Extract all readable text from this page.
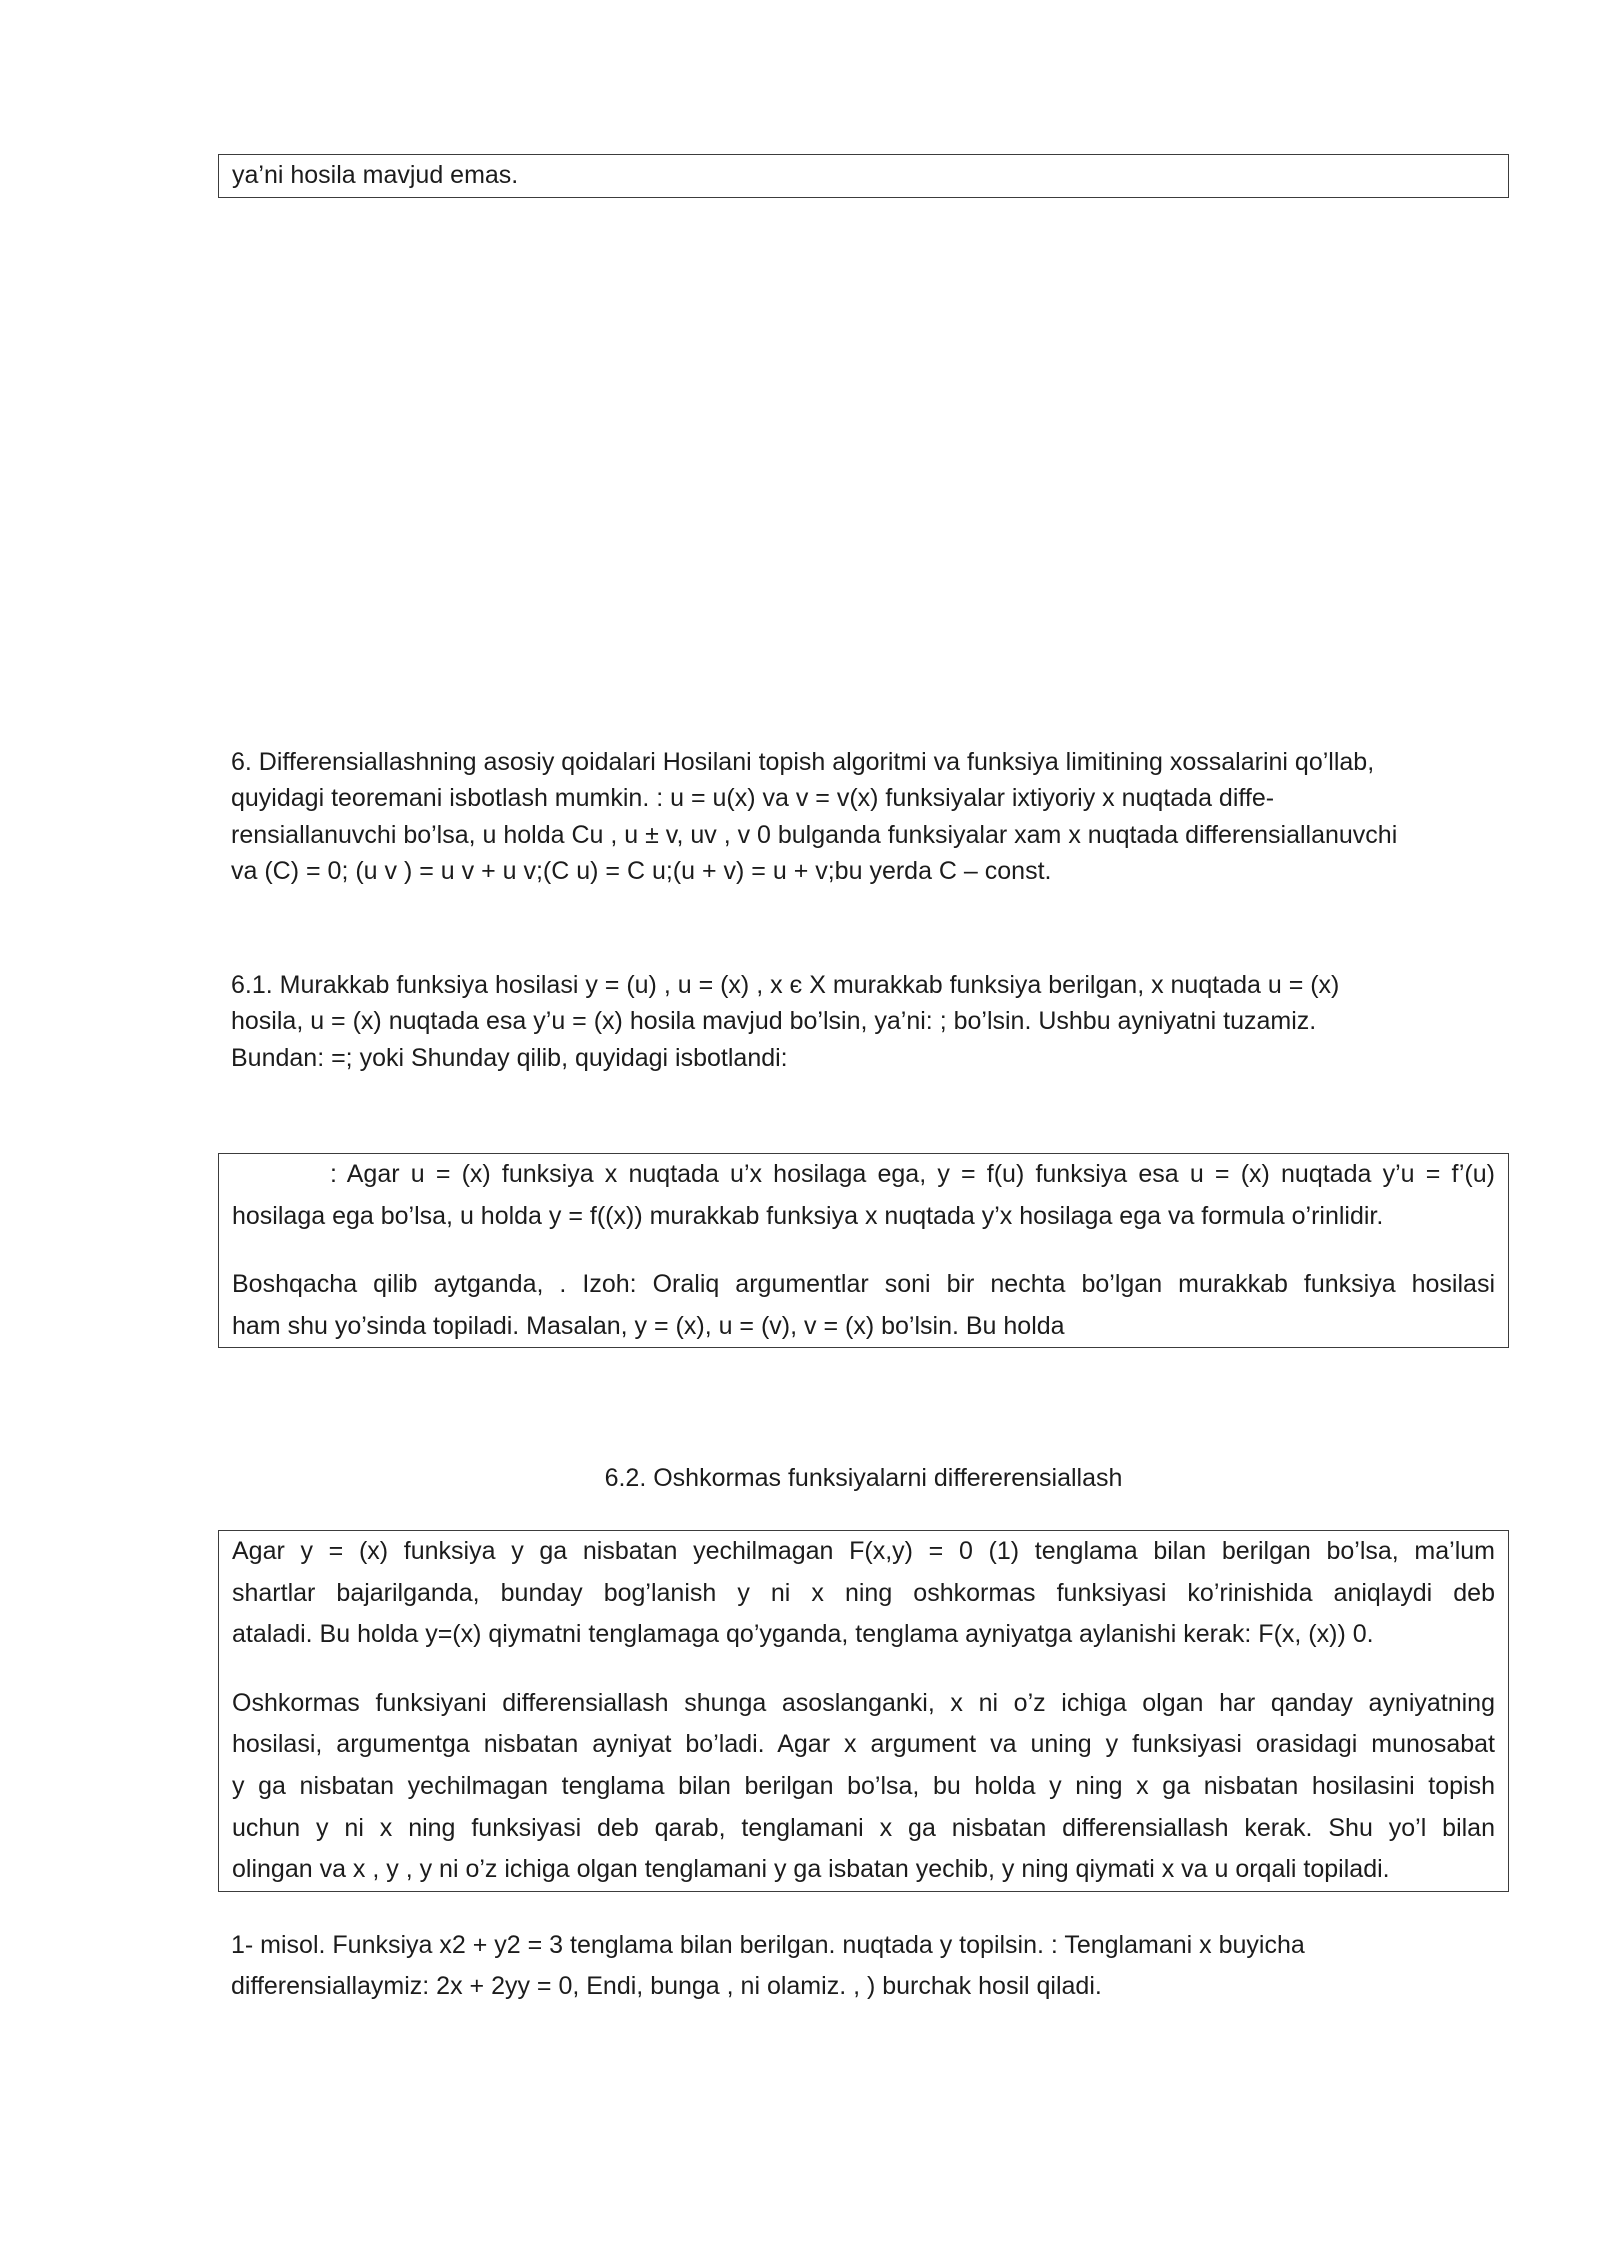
ya’ni hosila mavjud emas.
6. Differensiallashning asosiy qoidalari Hosilani topish algoritmi va funksiya limitining xossalarini qo’llab,
quyidagi teoremani isbotlash mumkin. : u = u(x) va v = v(x) funksiyalar ixtiyoriy x nuqtada diffe-
rensiallanuvchi bo’lsa, u holda Cu , u ± v, uv , v 0 bulganda funksiyalar xam x nuqtada differensiallanuvchi
va (C) = 0; (u v ) = u v + u v;(C u) = C u;(u + v) = u + v;bu yerda C – const.
6.1. Murakkab funksiya hosilasi y = (u) , u = (x) , x є X murakkab funksiya berilgan, x nuqtada u = (x)
hosila, u = (x) nuqtada esa y’u = (x) hosila mavjud bo’lsin, ya’ni: ; bo’lsin. Ushbu ayniyatni tuzamiz.
Bundan: =; yoki Shunday qilib, quyidagi isbotlandi:
: Agar u = (x) funksiya x nuqtada u’x hosilaga ega, y = f(u) funksiya esa u = (x) nuqtada y’u = f’(u)
hosilaga ega bo’lsa, u holda y = f((x)) murakkab funksiya x nuqtada y’x hosilaga ega va formula o’rinlidir.
Boshqacha qilib aytganda, . Izoh: Oraliq argumentlar soni bir nechta bo’lgan murakkab funksiya hosilasi
ham shu yo’sinda topiladi. Masalan, y = (x), u = (v), v = (x) bo’lsin. Bu holda
6.2. Oshkormas funksiyalarni differerensiallash
Agar y = (x) funksiya y ga nisbatan yechilmagan F(x,y) = 0 (1) tenglama bilan berilgan bo’lsa, ma’lum
shartlar bajarilganda, bunday bog’lanish y ni x ning oshkormas funksiyasi ko’rinishida aniqlaydi deb
ataladi. Bu holda y=(x) qiymatni tenglamaga qo’yganda, tenglama ayniyatga aylanishi kerak: F(x, (x)) 0.
Oshkormas funksiyani differensiallash shunga asoslanganki, x ni o’z ichiga olgan har qanday ayniyatning
hosilasi, argumentga nisbatan ayniyat bo’ladi. Agar x argument va uning y funksiyasi orasidagi munosabat
y ga nisbatan yechilmagan tenglama bilan berilgan bo’lsa, bu holda y ning x ga nisbatan hosilasini topish
uchun y ni x ning funksiyasi deb qarab, tenglamani x ga nisbatan differensiallash kerak. Shu yo’l bilan
olingan va x , y , y ni o’z ichiga olgan tenglamani y ga isbatan yechib, y ning qiymati x va u orqali topiladi.
1- misol. Funksiya x2 + y2 = 3 tenglama bilan berilgan. nuqtada y topilsin. : Tenglamani x buyicha
differensiallaymiz: 2x + 2yy = 0, Endi, bunga , ni olamiz. , ) burchak hosil qiladi.
